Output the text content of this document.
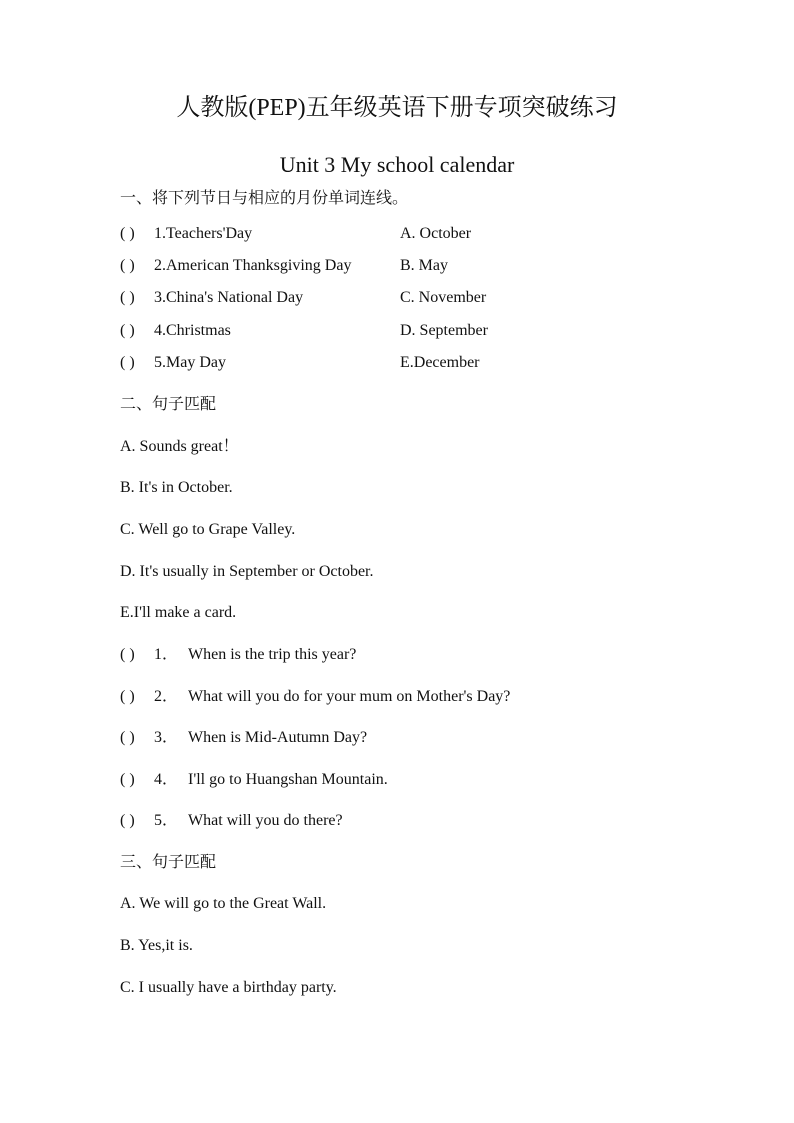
人教版(PEP)五年级英语下册专项突破练习
Unit 3 My school calendar
一、将下列节日与相应的月份单词连线。
( ) 1.Teachers'Day	A. October
( ) 2.American Thanksgiving Day	B. May
( ) 3.China's National Day	C. November
( ) 4.Christmas	D. September
( ) 5.May Day	E.December
二、句子匹配
A. Sounds great！
B. It's in October.
C. Well go to Grape Valley.
D. It's usually in September or October.
E.I'll make a card.
( ) 1． When is the trip this year?
( ) 2． What will you do for your mum on Mother's Day?
( ) 3． When is Mid-Autumn Day?
( ) 4． I'll go to Huangshan Mountain.
( ) 5． What will you do there?
三、句子匹配
A. We will go to the Great Wall.
B. Yes,it is.
C. I usually have a birthday party.
